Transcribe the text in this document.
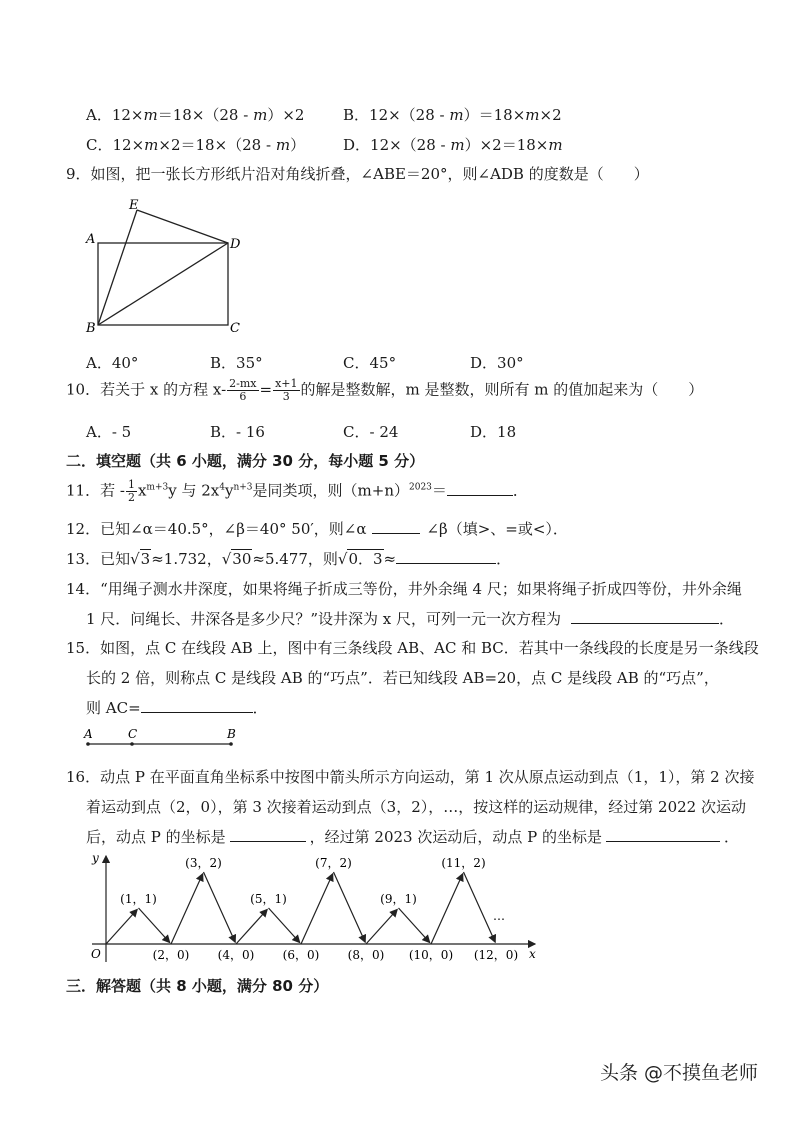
A．12×m＝18×（28 - m）×2	B．12×（28 - m）＝18×m×2
C．12×m×2＝18×（28 - m）	D．12×（28 - m）×2＝18×m
9．如图，把一张长方形纸片沿对角线折叠，∠ABE＝20°，则∠ADB 的度数是（　　）
E
A	D
B	C
A．40°	B．35°	C．45°	D．30°
10．若关于 x 的方程 $x- \frac{2-mx}{6} = \frac{x+1}{3}$ 的解是整数解，m 是整数，则所有 m 的值加起来为（　　）
A．- 5	B．- 16	C．- 24	D．18
二．填空题（共 6 小题，满分 30 分，每小题 5 分）
11．若 - $\frac{1}{2} x^{m+3}y$ 与 $2x^4y^{n+3}$是同类项，则$(m+n)^{2023}=$	．
12．已知∠α＝40.5°，∠β＝40° 50′，则∠α	∠β（填>、=或<）．
13．已知√3≈1.732，√30≈5.477，则√0．3≈	．
14．“用绳子测水井深度，如果将绳子折成三等份，井外余绳 4 尺；如果将绳子折成四等份，井外余绳
1 尺．问绳长、井深各是多少尺？”设井深为 x 尺，可列一元一次方程为	．
15．如图，点 C 在线段 AB 上，图中有三条线段 AB、AC 和 BC．若其中一条线段的长度是另一条线段
长的 2 倍，则称点 C 是线段 AB 的“巧点”．若已知线段 AB=20，点 C 是线段 AB 的“巧点”，
则 AC=	．
A	C	B
16．动点 P 在平面直角坐标系中按图中箭头所示方向运动，第 1 次从原点运动到点（1，1），第 2 次接
着运动到点（2，0），第 3 次接着运动到点（3，2），…，按这样的运动规律，经过第 2022 次运动
后，动点 P 的坐标是	，经过第 2023 次运动后，动点 P 的坐标是	．
x
y
O
…
(1，1)
(2，0)
(3，2)
(4，0)
(5，1)
(6，0)
(7，2)
(8，0)
(9，1)
(10，0)
(11，2)
(12，0)
三．解答题（共 8 小题，满分 80 分）
头条 @不摸鱼老师
